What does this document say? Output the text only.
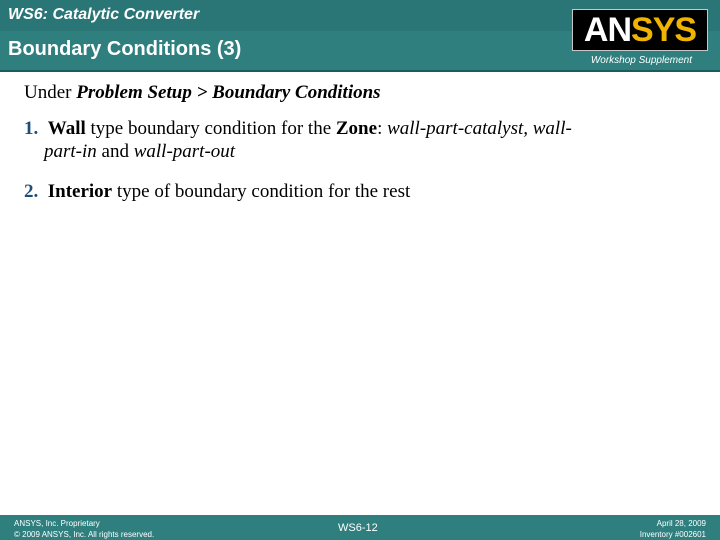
WS6: Catalytic Converter
Boundary Conditions (3)	ANSYS
Workshop Supplement
Under Problem Setup > Boundary Conditions
1. Wall type boundary condition for the Zone: wall-part-catalyst, wall-
part-in and wall-part-out
2. Interior type of boundary condition for the rest
ANSYS, Inc. Proprietary
© 2009 ANSYS, Inc. All rights reserved.
WS6-12	April 28, 2009
Inventory #002601
